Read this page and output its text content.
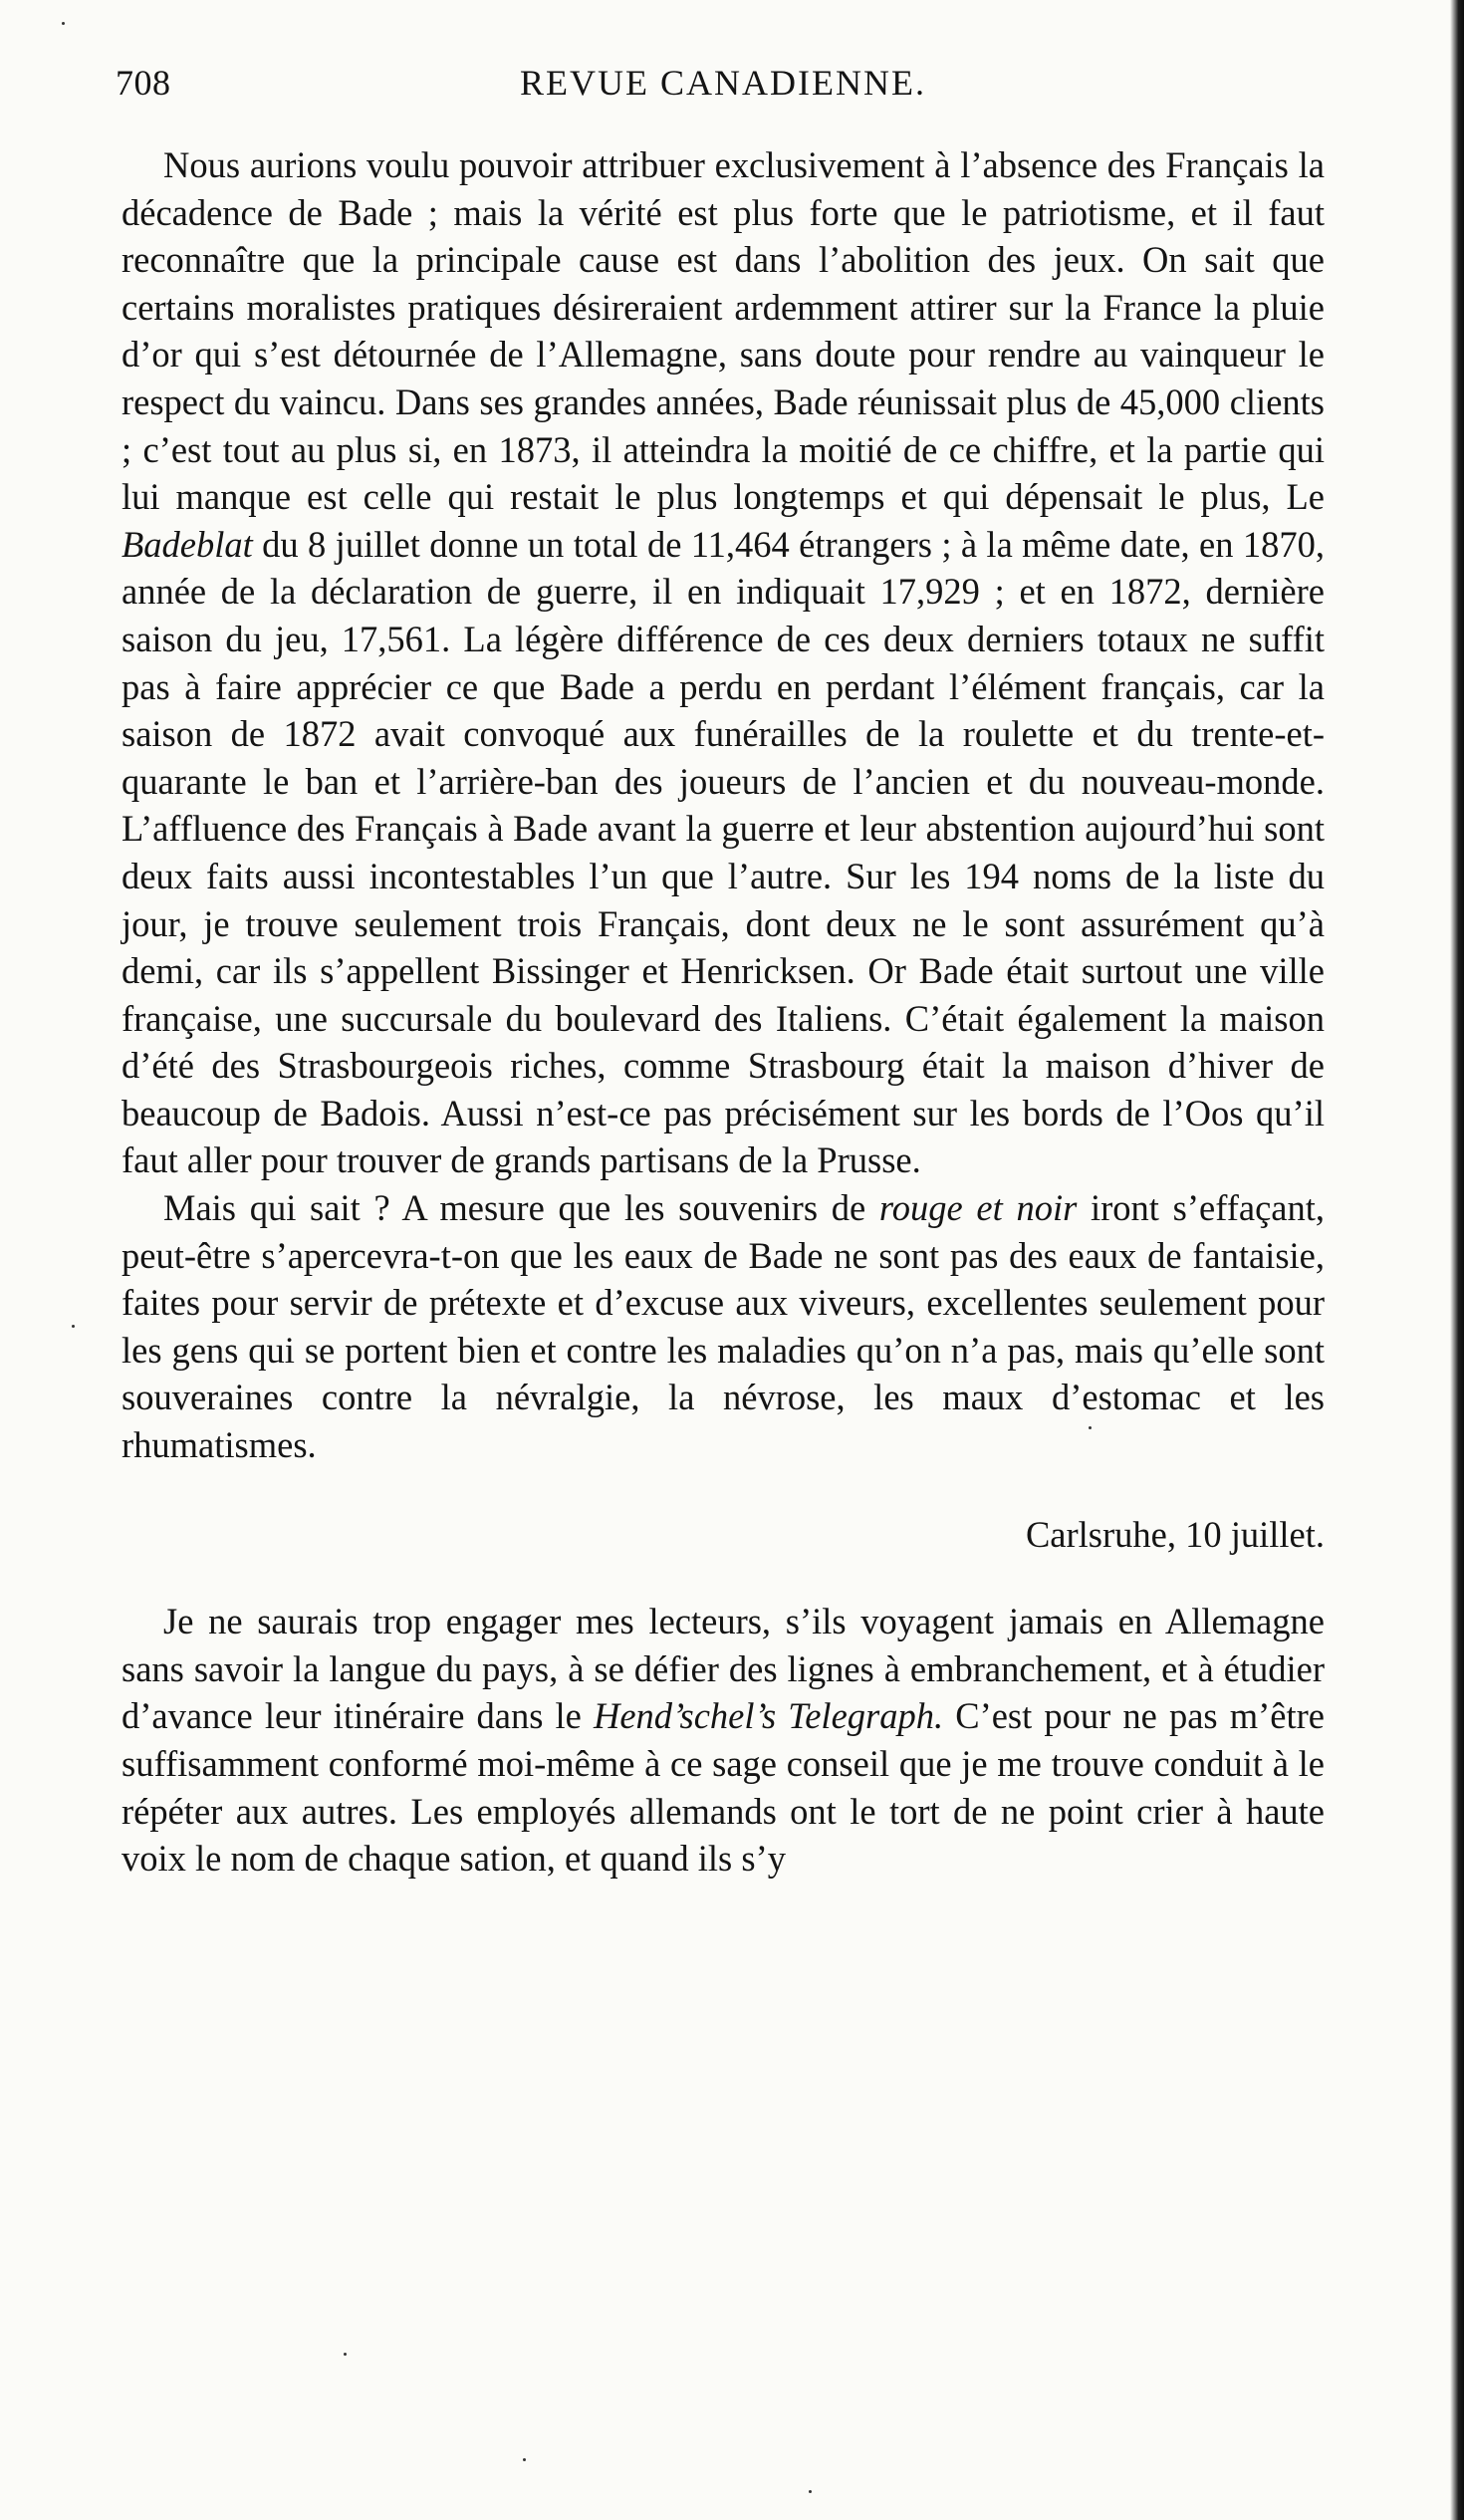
708	REVUE CANADIENNE.

Nous aurions voulu pouvoir attribuer exclusivement à l’absence des Français la décadence de Bade ; mais la vérité est plus forte que le patriotisme, et il faut reconnaître que la principale cause est dans l’abolition des jeux. On sait que certains moralistes pratiques désireraient ardemment attirer sur la France la pluie d’or qui s’est détournée de l’Allemagne, sans doute pour rendre au vainqueur le respect du vaincu. Dans ses grandes années, Bade réunissait plus de 45,000 clients ; c’est tout au plus si, en 1873, il atteindra la moitié de ce chiffre, et la partie qui lui manque est celle qui restait le plus longtemps et qui dépensait le plus, Le Badeblat du 8 juillet donne un total de 11,464 étrangers ; à la même date, en 1870, année de la déclaration de guerre, il en indiquait 17,929 ; et en 1872, dernière saison du jeu, 17,561. La légère différence de ces deux derniers totaux ne suffit pas à faire apprécier ce que Bade a perdu en perdant l’élément français, car la saison de 1872 avait convoqué aux funérailles de la roulette et du trente-et-quarante le ban et l’arrière-ban des joueurs de l’ancien et du nouveau-monde. L’affluence des Français à Bade avant la guerre et leur abstention aujourd’hui sont deux faits aussi incontestables l’un que l’autre. Sur les 194 noms de la liste du jour, je trouve seulement trois Français, dont deux ne le sont assurément qu’à demi, car ils s’appellent Bissinger et Henricksen. Or Bade était surtout une ville française, une succursale du boulevard des Italiens. C’était également la maison d’été des Strasbourgeois riches, comme Strasbourg était la maison d’hiver de beaucoup de Badois. Aussi n’est-ce pas précisément sur les bords de l’Oos qu’il faut aller pour trouver de grands partisans de la Prusse.

Mais qui sait ? A mesure que les souvenirs de rouge et noir iront s’effaçant, peut-être s’apercevra-t-on que les eaux de Bade ne sont pas des eaux de fantaisie, faites pour servir de prétexte et d’excuse aux viveurs, excellentes seulement pour les gens qui se portent bien et contre les maladies qu’on n’a pas, mais qu’elle sont souveraines contre la névralgie, la névrose, les maux d’estomac et les rhumatismes.

Carlsruhe, 10 juillet.

Je ne saurais trop engager mes lecteurs, s’ils voyagent jamais en Allemagne sans savoir la langue du pays, à se défier des lignes à embranchement, et à étudier d’avance leur itinéraire dans le Hend’schel’s Telegraph. C’est pour ne pas m’être suffisamment conformé moi-même à ce sage conseil que je me trouve conduit à le répéter aux autres. Les employés allemands ont le tort de ne point crier à haute voix le nom de chaque sation, et quand ils s’y
